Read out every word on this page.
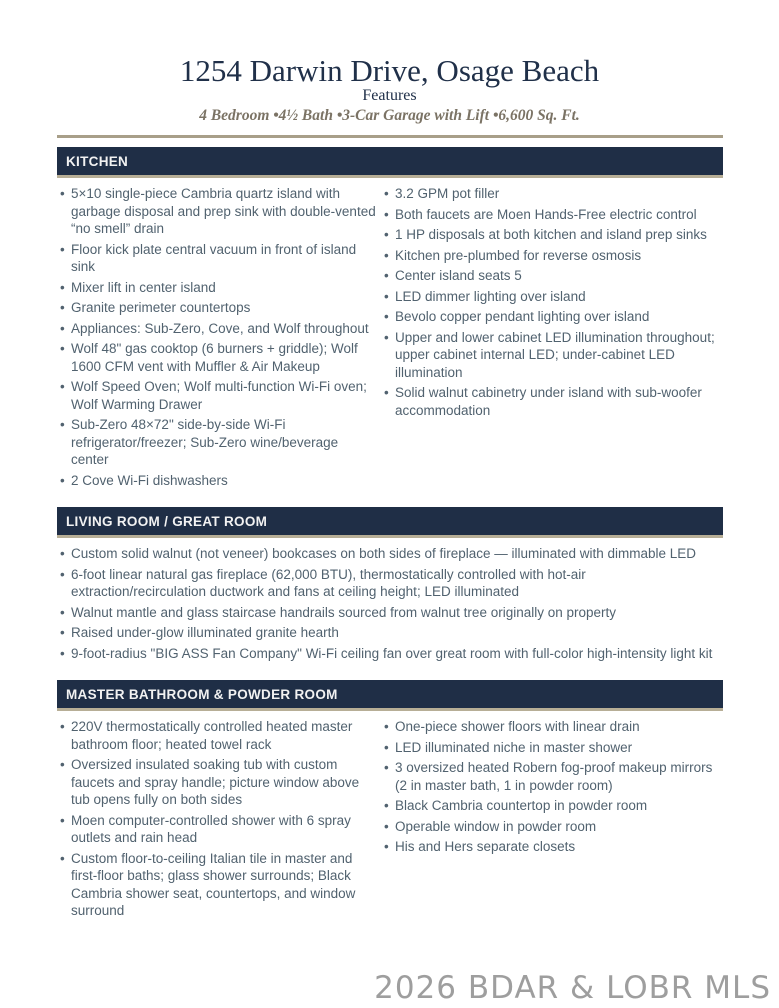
1254 Darwin Drive, Osage Beach
Features
4 Bedroom •4½ Bath •3-Car Garage with Lift •6,600 Sq. Ft.
KITCHEN
• 5×10 single-piece Cambria quartz island with garbage disposal and prep sink with double-vented “no smell” drain
• Floor kick plate central vacuum in front of island sink
• Mixer lift in center island
• Granite perimeter countertops
• Appliances: Sub-Zero, Cove, and Wolf throughout
• Wolf 48" gas cooktop (6 burners + griddle); Wolf 1600 CFM vent with Muffler & Air Makeup
• Wolf Speed Oven; Wolf multi-function Wi-Fi oven; Wolf Warming Drawer
• Sub-Zero 48×72" side-by-side Wi-Fi refrigerator/freezer; Sub-Zero wine/beverage center
• 2 Cove Wi-Fi dishwashers
• 3.2 GPM pot filler
• Both faucets are Moen Hands-Free electric control
• 1 HP disposals at both kitchen and island prep sinks
• Kitchen pre-plumbed for reverse osmosis
• Center island seats 5
• LED dimmer lighting over island
• Bevolo copper pendant lighting over island
• Upper and lower cabinet LED illumination throughout; upper cabinet internal LED; under-cabinet LED illumination
• Solid walnut cabinetry under island with sub-woofer accommodation
LIVING ROOM / GREAT ROOM
• Custom solid walnut (not veneer) bookcases on both sides of fireplace — illuminated with dimmable LED
• 6-foot linear natural gas fireplace (62,000 BTU), thermostatically controlled with hot-air extraction/recirculation ductwork and fans at ceiling height; LED illuminated
• Walnut mantle and glass staircase handrails sourced from walnut tree originally on property
• Raised under-glow illuminated granite hearth
• 9-foot-radius "BIG ASS Fan Company" Wi-Fi ceiling fan over great room with full-color high-intensity light kit
MASTER BATHROOM & POWDER ROOM
• 220V thermostatically controlled heated master bathroom floor; heated towel rack
• Oversized insulated soaking tub with custom faucets and spray handle; picture window above tub opens fully on both sides
• Moen computer-controlled shower with 6 spray outlets and rain head
• Custom floor-to-ceiling Italian tile in master and first-floor baths; glass shower surrounds; Black Cambria shower seat, countertops, and window surround
• One-piece shower floors with linear drain
• LED illuminated niche in master shower
• 3 oversized heated Robern fog-proof makeup mirrors (2 in master bath, 1 in powder room)
• Black Cambria countertop in powder room
• Operable window in powder room
• His and Hers separate closets
2026 BDAR & LOBR MLS
